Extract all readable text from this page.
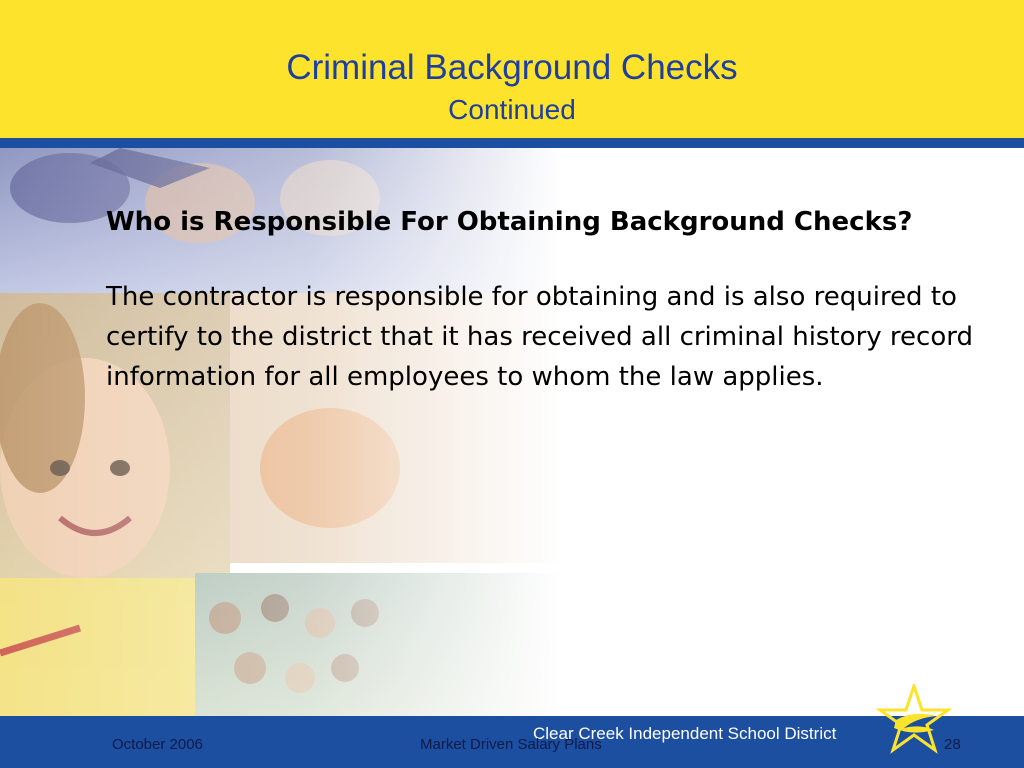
Criminal Background Checks
Continued

Who is Responsible For Obtaining Background Checks?

The contractor is responsible for obtaining and is also required to certify to the district that it has received all criminal history record information for all employees to whom the law applies.

October 2006
Clear Creek Independent School District
Market Driven Salary Plans	28
